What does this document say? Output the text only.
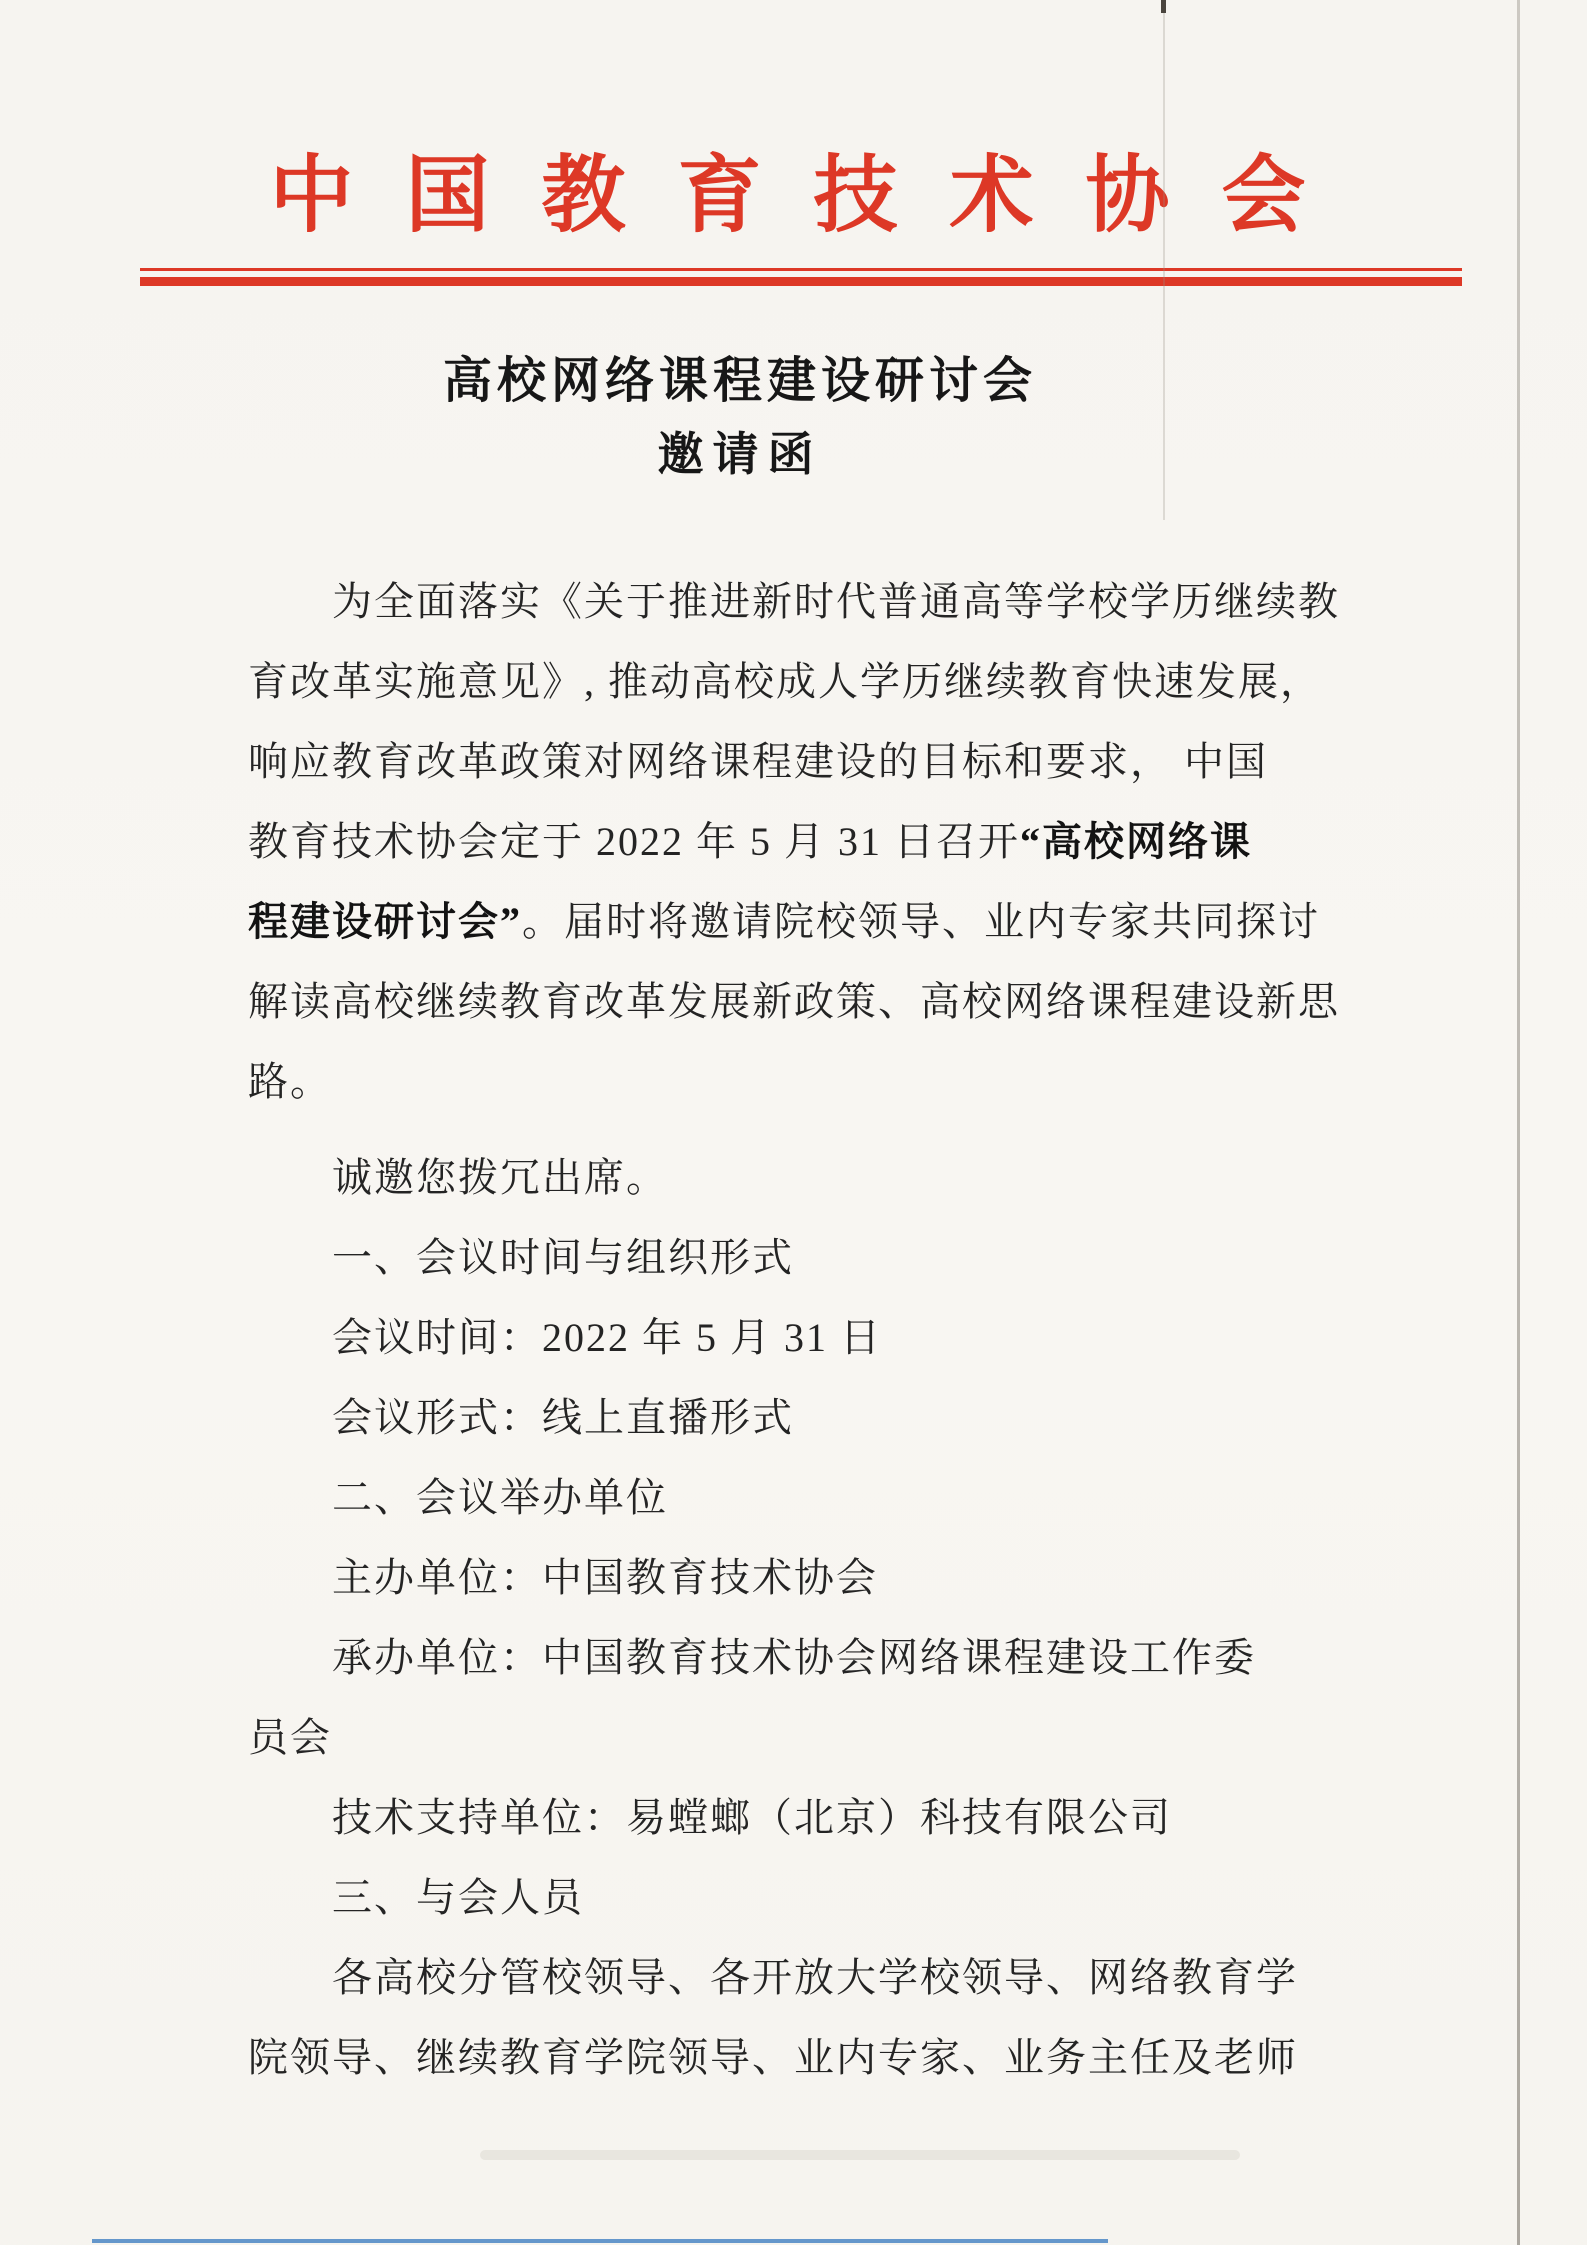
中国教育技术协会
高校网络课程建设研讨会
邀请函
为全面落实《关于推进新时代普通高等学校学历继续教
育改革实施意见》, 推动高校成人学历继续教育快速发展，
响应教育改革政策对网络课程建设的目标和要求， 中国
教育技术协会定于 2022 年 5 月 31 日召开“高校网络课
程建设研讨会”。届时将邀请院校领导、业内专家共同探讨
解读高校继续教育改革发展新政策、高校网络课程建设新思
路。
诚邀您拨冗出席。
一、会议时间与组织形式
会议时间：2022 年 5 月 31 日
会议形式：线上直播形式
二、会议举办单位
主办单位：中国教育技术协会
承办单位：中国教育技术协会网络课程建设工作委
员会
技术支持单位：易螳螂（北京）科技有限公司
三、与会人员
各高校分管校领导、各开放大学校领导、网络教育学
院领导、继续教育学院领导、业内专家、业务主任及老师
